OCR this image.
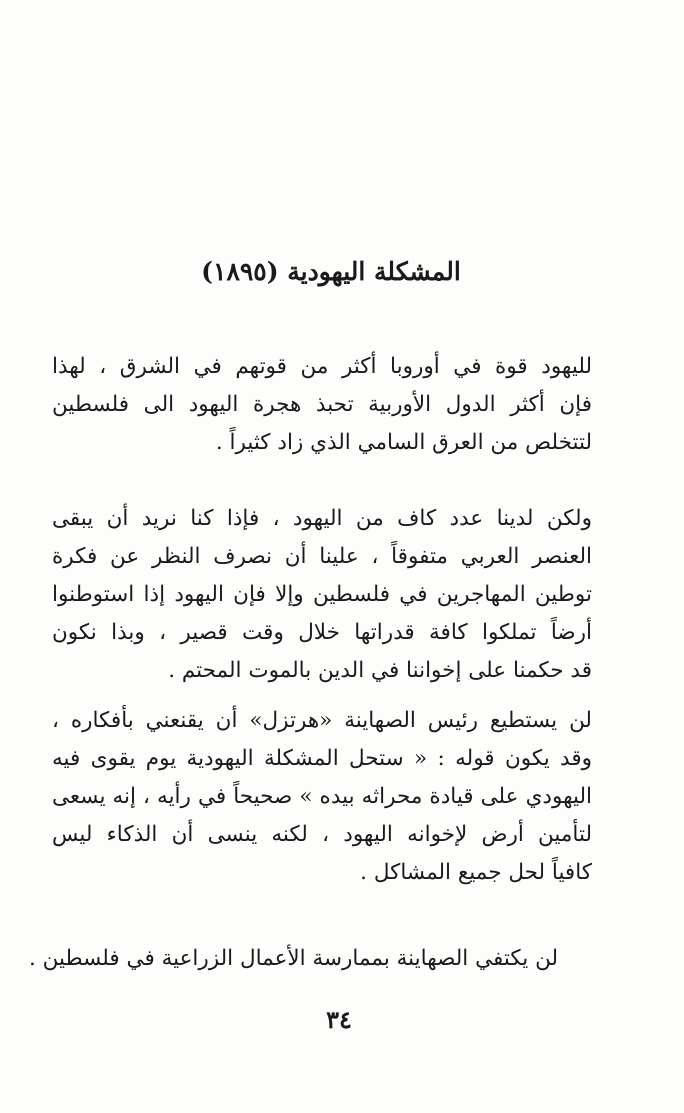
المشكلة اليهودية (١٨٩٥)
لليهود قوة في أوروبا أكثر من قوتهم في الشرق ، لهذا
فإن أكثر الدول الأوربية تحبذ هجرة اليهود الى فلسطين
لتتخلص من العرق السامي الذي زاد كثيراً .
ولكن لدينا عدد كاف من اليهود ، فإذا كنا نريد أن يبقى
العنصر العربي متفوقاً ، علينا أن نصرف النظر عن فكرة
توطين المهاجرين في فلسطين وإلا فإن اليهود إذا استوطنوا
أرضاً تملكوا كافة قدراتها خلال وقت قصير ، وبذا نكون
قد حكمنا على إخواننا في الدين بالموت المحتم .
لن يستطيع رئيس الصهاينة «هرتزل» أن يقنعني بأفكاره ،
وقد يكون قوله : « ستحل المشكلة اليهودية يوم يقوى فيه
اليهودي على قيادة محراثه بيده » صحيحاً في رأيه ، إنه يسعى
لتأمين أرض لإخوانه اليهود ، لكنه ينسى أن الذكاء ليس
كافياً لحل جميع المشاكل .
لن يكتفي الصهاينة بممارسة الأعمال الزراعية في فلسطين .
٣٤
